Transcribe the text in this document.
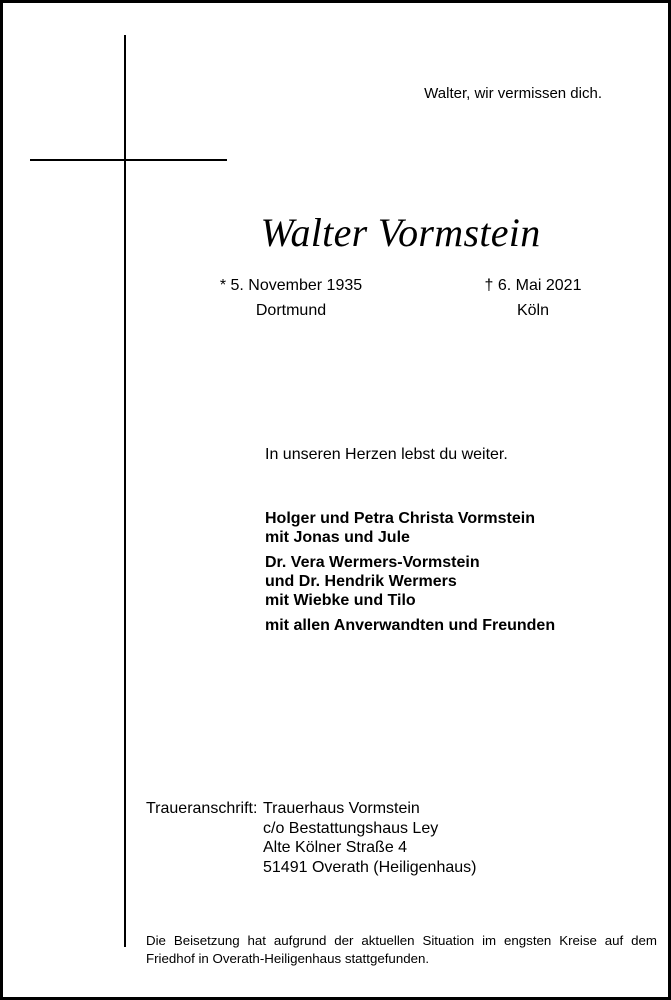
Walter, wir vermissen dich.
Walter Vormstein
* 5. November 1935
Dortmund
† 6. Mai 2021
Köln
In unseren Herzen lebst du weiter.
Holger und Petra Christa Vormstein
mit Jonas und Jule
Dr. Vera Wermers-Vormstein
und Dr. Hendrik Wermers
mit Wiebke und Tilo
mit allen Anverwandten und Freunden
Traueranschrift: Trauerhaus Vormstein
c/o Bestattungshaus Ley
Alte Kölner Straße 4
51491 Overath (Heiligenhaus)
Die Beisetzung hat aufgrund der aktuellen Situation im engsten Kreise auf dem Friedhof in Overath-Heiligenhaus stattgefunden.
